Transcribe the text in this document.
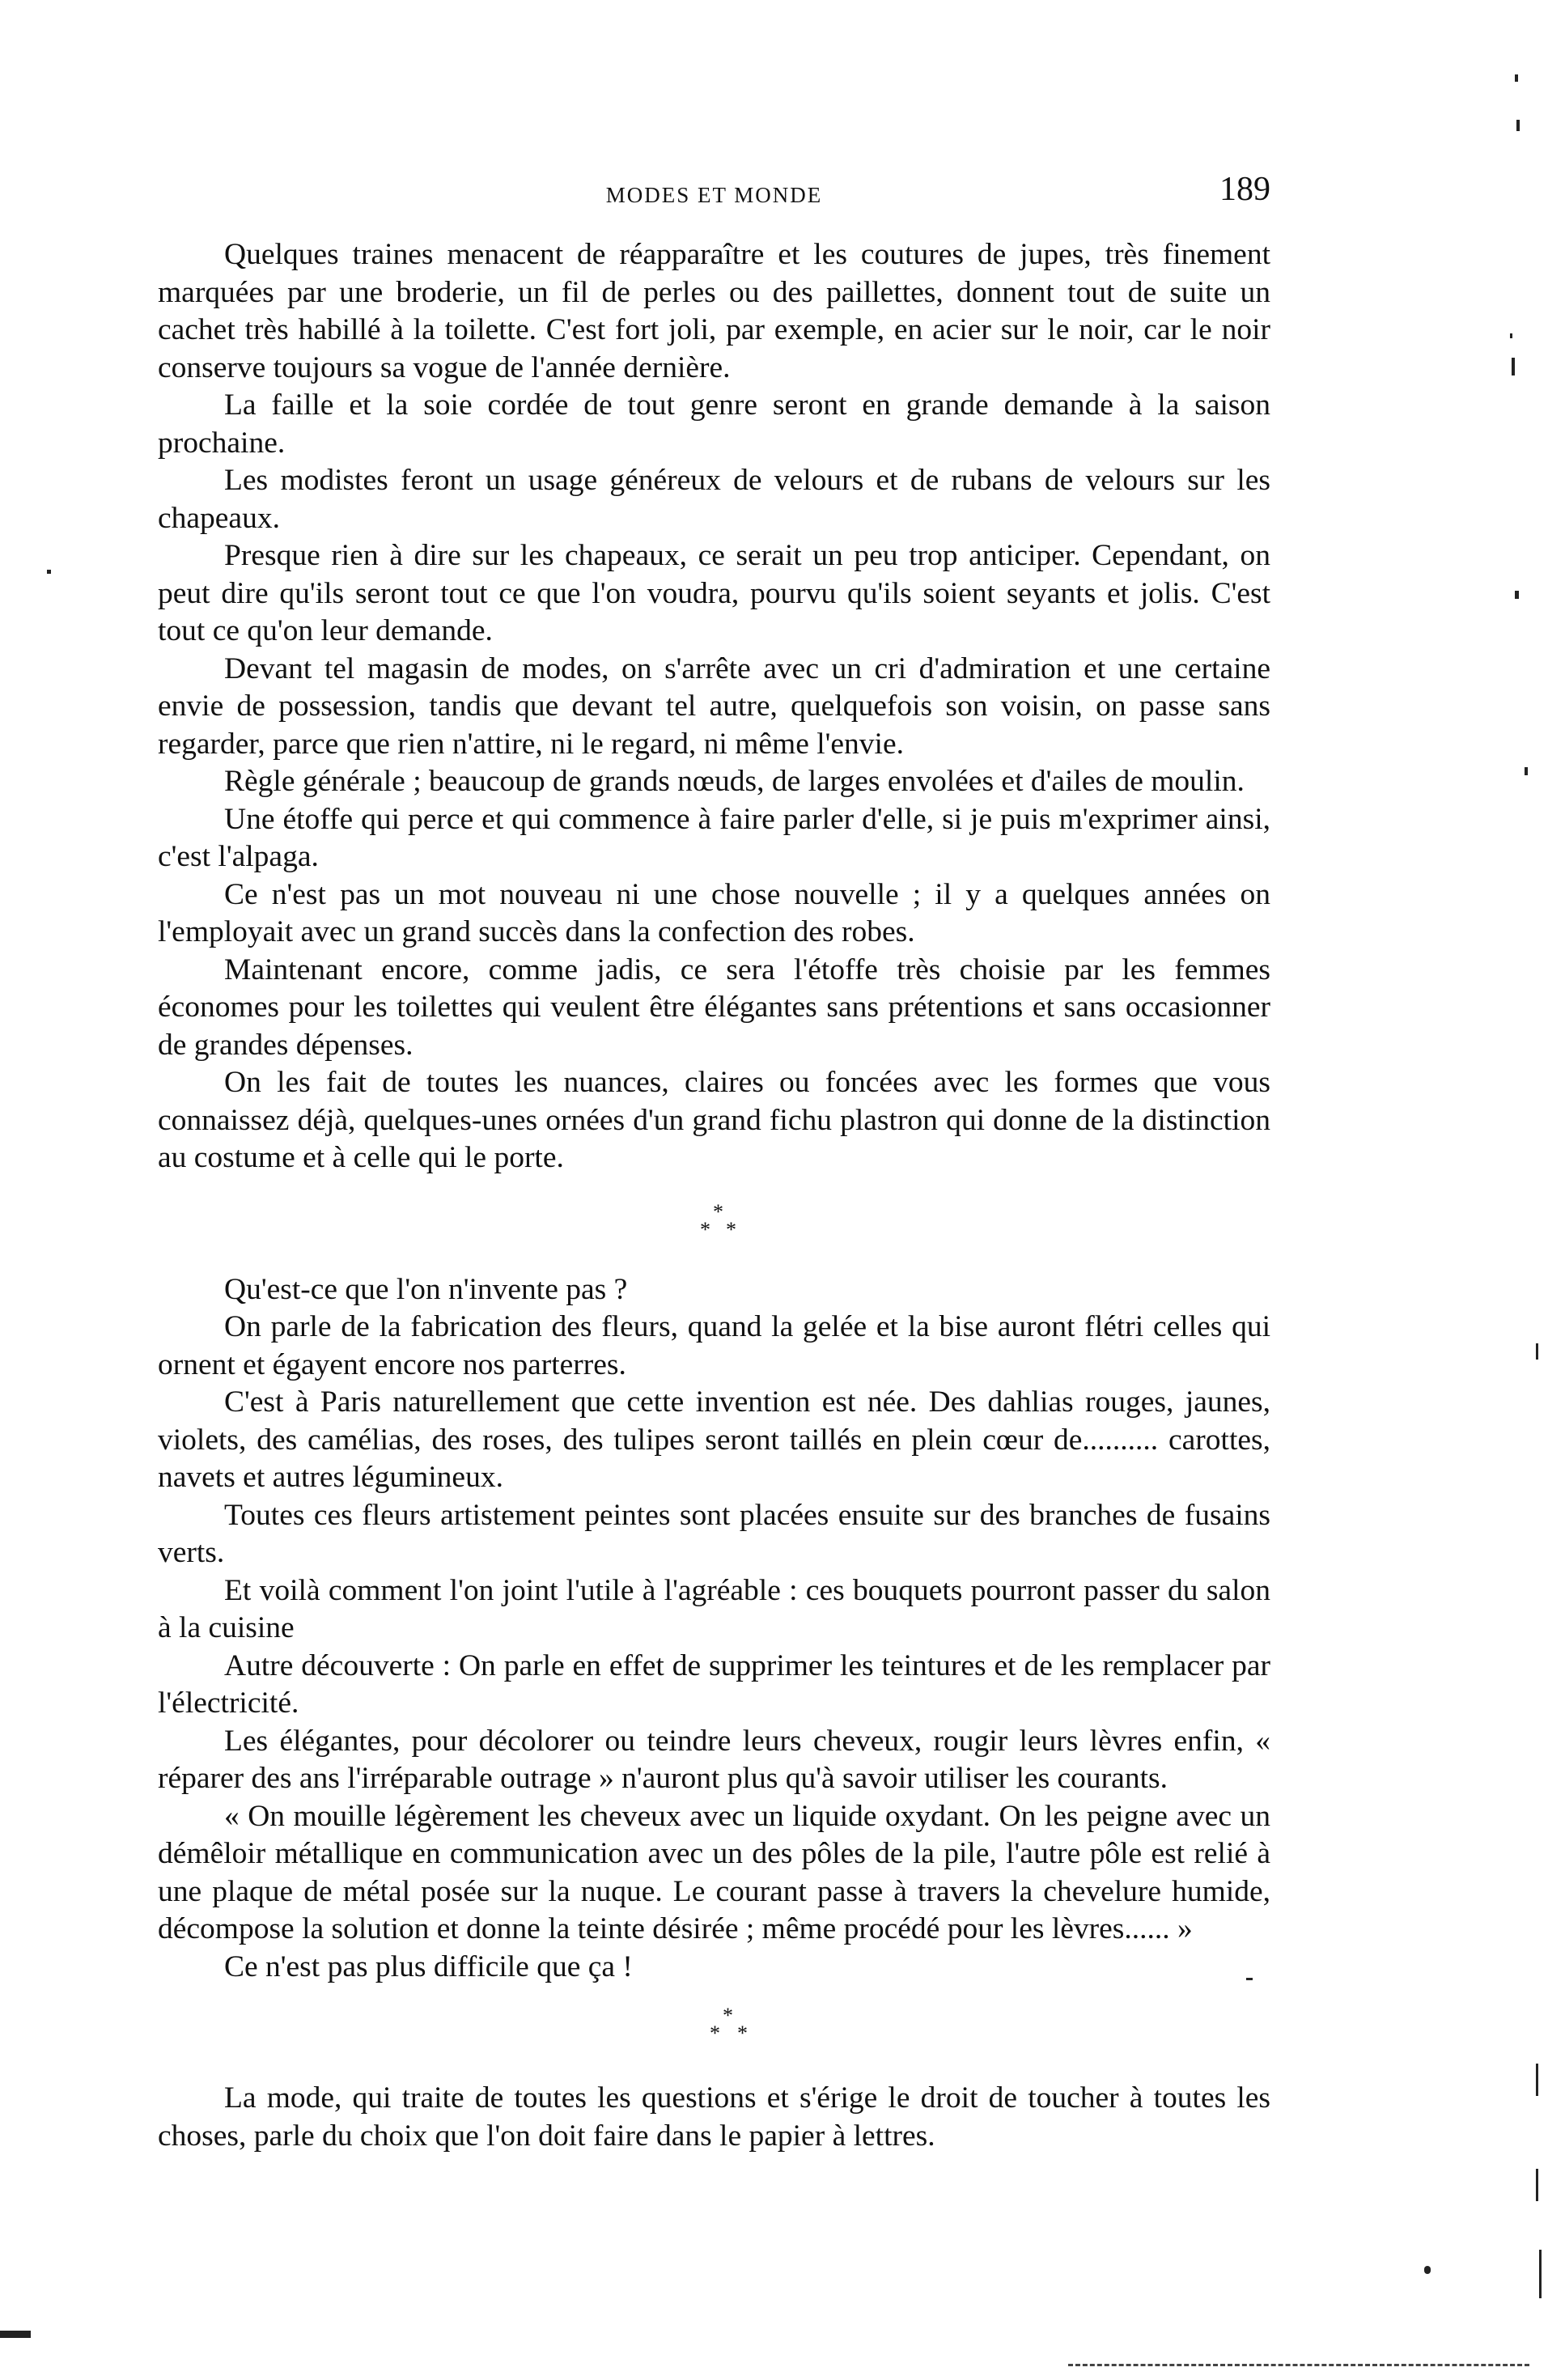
MODES ET MONDE	189

Quelques traines menacent de réapparaître et les coutures de jupes, très finement marquées par une broderie, un fil de perles ou des paillettes, donnent tout de suite un cachet très habillé à la toilette. C'est fort joli, par exemple, en acier sur le noir, car le noir conserve toujours sa vogue de l'année dernière.

La faille et la soie cordée de tout genre seront en grande demande à la saison prochaine.

Les modistes feront un usage généreux de velours et de rubans de velours sur les chapeaux.

Presque rien à dire sur les chapeaux, ce serait un peu trop anticiper. Cependant, on peut dire qu'ils seront tout ce que l'on voudra, pourvu qu'ils soient seyants et jolis. C'est tout ce qu'on leur demande.

Devant tel magasin de modes, on s'arrête avec un cri d'admiration et une certaine envie de possession, tandis que devant tel autre, quelquefois son voisin, on passe sans regarder, parce que rien n'attire, ni le regard, ni même l'envie.

Règle générale ; beaucoup de grands nœuds, de larges envolées et d'ailes de moulin.

Une étoffe qui perce et qui commence à faire parler d'elle, si je puis m'exprimer ainsi, c'est l'alpaga.

Ce n'est pas un mot nouveau ni une chose nouvelle ; il y a quelques années on l'employait avec un grand succès dans la confection des robes.

Maintenant encore, comme jadis, ce sera l'étoffe très choisie par les femmes économes pour les toilettes qui veulent être élégantes sans prétentions et sans occasionner de grandes dépenses.

On les fait de toutes les nuances, claires ou foncées avec les formes que vous connaissez déjà, quelques-unes ornées d'un grand fichu plastron qui donne de la distinction au costume et à celle qui le porte.

*
* *

Qu'est-ce que l'on n'invente pas ?

On parle de la fabrication des fleurs, quand la gelée et la bise auront flétri celles qui ornent et égayent encore nos parterres.

C'est à Paris naturellement que cette invention est née. Des dahlias rouges, jaunes, violets, des camélias, des roses, des tulipes seront taillés en plein cœur de.......... carottes, navets et autres légumineux.

Toutes ces fleurs artistement peintes sont placées ensuite sur des branches de fusains verts.

Et voilà comment l'on joint l'utile à l'agréable : ces bouquets pourront passer du salon à la cuisine

Autre découverte : On parle en effet de supprimer les teintures et de les remplacer par l'électricité.

Les élégantes, pour décolorer ou teindre leurs cheveux, rougir leurs lèvres enfin, « réparer des ans l'irréparable outrage » n'auront plus qu'à savoir utiliser les courants.

« On mouille légèrement les cheveux avec un liquide oxydant. On les peigne avec un démêloir métallique en communication avec un des pôles de la pile, l'autre pôle est relié à une plaque de métal posée sur la nuque. Le courant passe à travers la chevelure humide, décompose la solution et donne la teinte désirée ; même procédé pour les lèvres...... »

Ce n'est pas plus difficile que ça !

*
* *

La mode, qui traite de toutes les questions et s'érige le droit de toucher à toutes les choses, parle du choix que l'on doit faire dans le papier à lettres.
